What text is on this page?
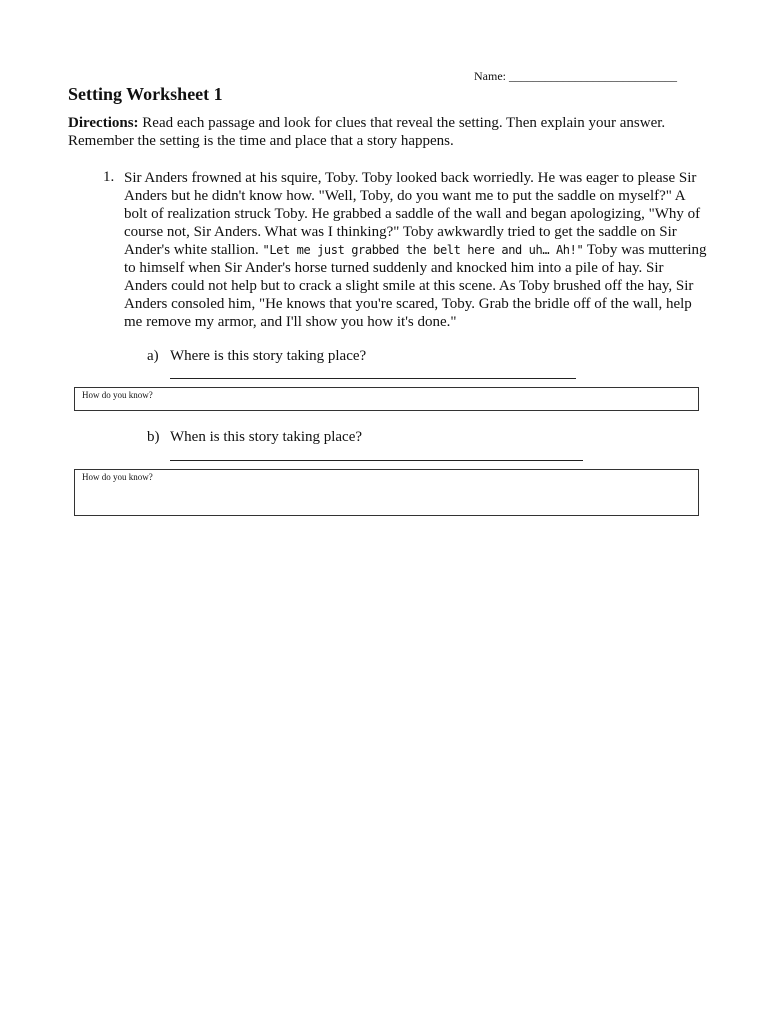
Name: ____________________________
Setting Worksheet 1

Directions: Read each passage and look for clues that reveal the setting. Then explain your answer. Remember the setting is the time and place that a story happens.

1. Sir Anders frowned at his squire, Toby. Toby looked back worriedly. He was eager to please Sir Anders but he didn't know how. "Well, Toby, do you want me to put the saddle on myself?" A bolt of realization struck Toby. He grabbed a saddle of the wall and began apologizing, "Why of course not, Sir Anders. What was I thinking?" Toby awkwardly tried to get the saddle on Sir Ander's white stallion. "Let me just grabbed the belt here and uh… Ah!" Toby was muttering to himself when Sir Ander's horse turned suddenly and knocked him into a pile of hay. Sir Anders could not help but to crack a slight smile at this scene. As Toby brushed off the hay, Sir Anders consoled him, "He knows that you're scared, Toby. Grab the bridle off of the wall, help me remove my armor, and I'll show you how it's done."

a) Where is this story taking place?
How do you know?
b) When is this story taking place?
How do you know?
